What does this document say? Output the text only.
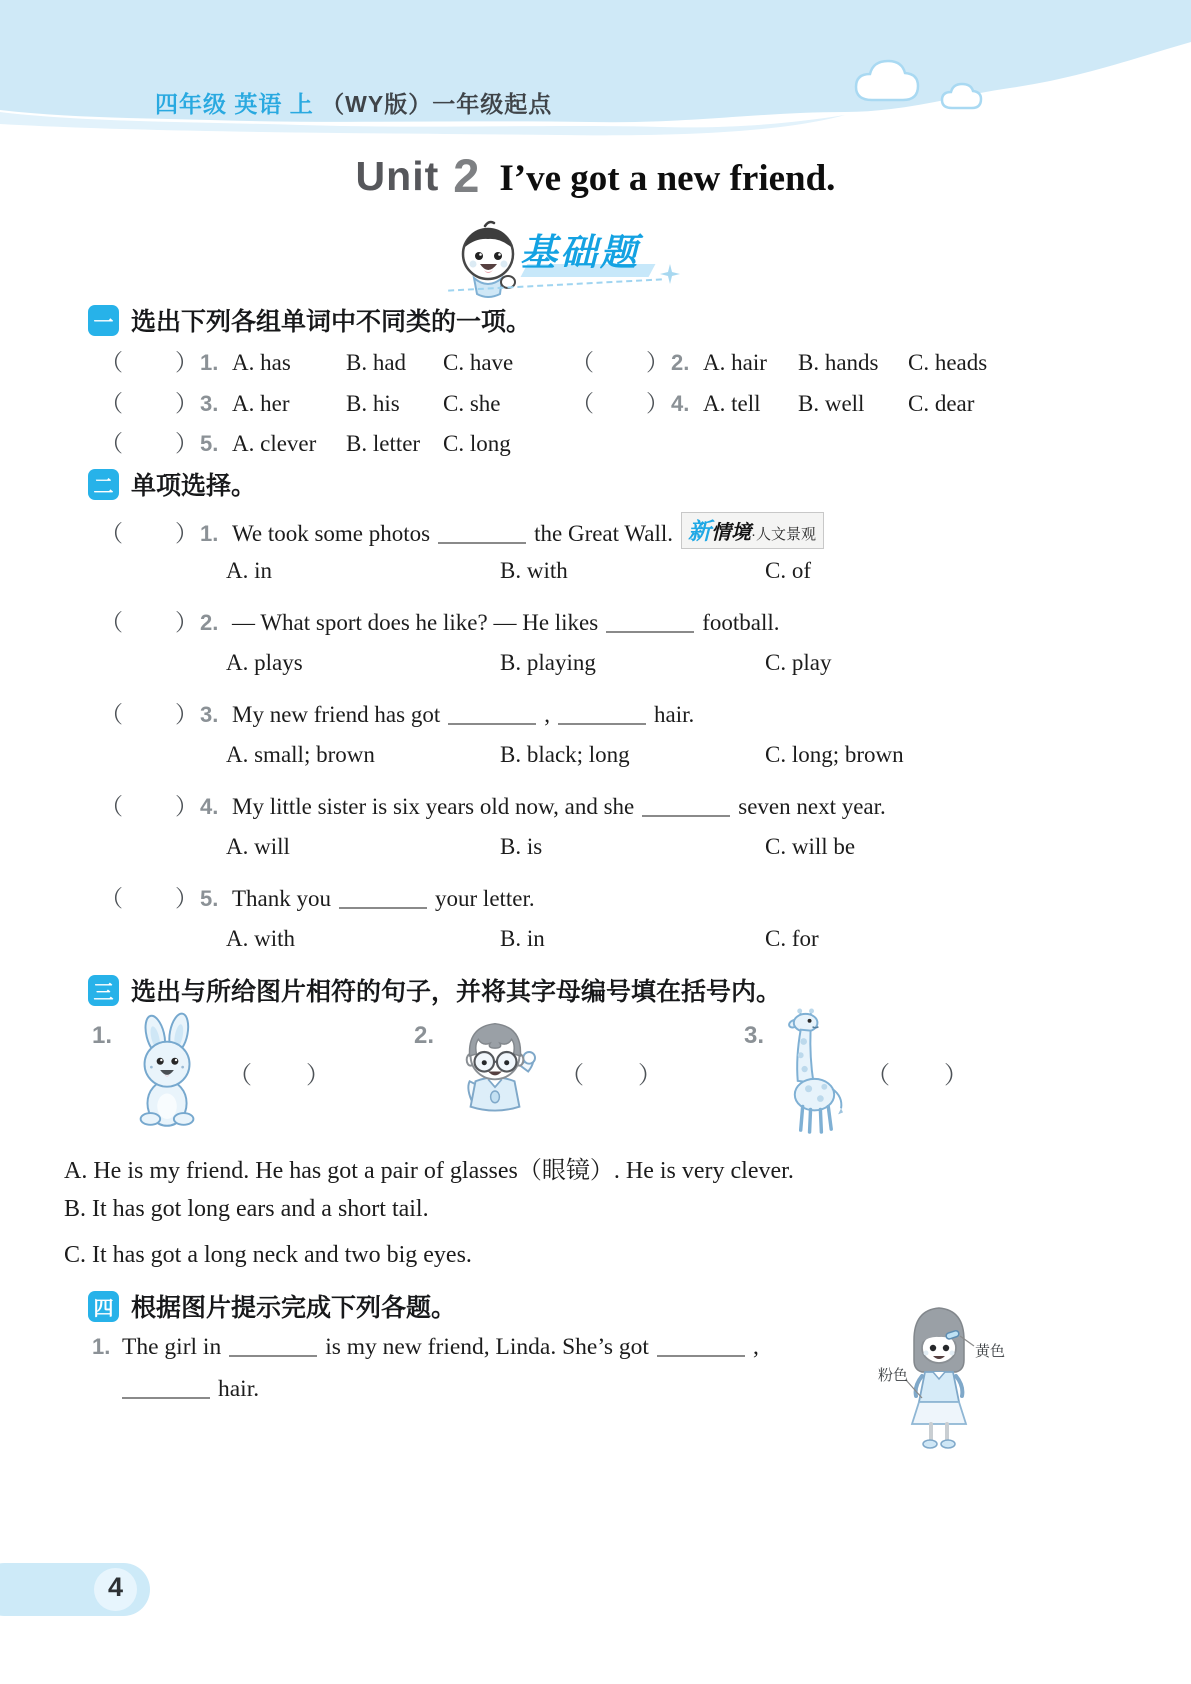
四年级 英语 上 （WY版）一年级起点
Unit 2 I’ve got a new friend.
基础题
一 选出下列各组单词中不同类的一项。
（　　） 1. A. has	B. had	C. have	（　　） 2. A. hair	B. hands	C. heads
（　　） 3. A. her	B. his	C. she	（　　） 4. A. tell	B. well	C. dear
（　　） 5. A. clever	B. letter C. long
二 单项选择。
（　　） 1. We took some photos	the Great Wall. 新情境·人文景观
A. in	B. with	C. of
（　　） 2. — What sport does he like? — He likes	football.
A. plays	B. playing	C. play
（　　） 3. My new friend has got	,	hair.
A. small; brown	B. black; long	C. long; brown
（　　） 4. My little sister is six years old now, and she	seven next year.
A. will	B. is	C. will be
（　　） 5. Thank you	your letter.
A. with	B. in	C. for
三 选出与所给图片相符的句子，并将其字母编号填在括号内。
1.
（　　）
2.
（　　）
3.
（　　）
A. He is my friend. He has got a pair of glasses（眼镜）. He is very clever.
B. It has got long ears and a short tail.
C. It has got a long neck and two big eyes.
四 根据图片提示完成下列各题。
1. The girl in	is my new friend, Linda. She’s got	,
hair.
黄色
粉色
4
